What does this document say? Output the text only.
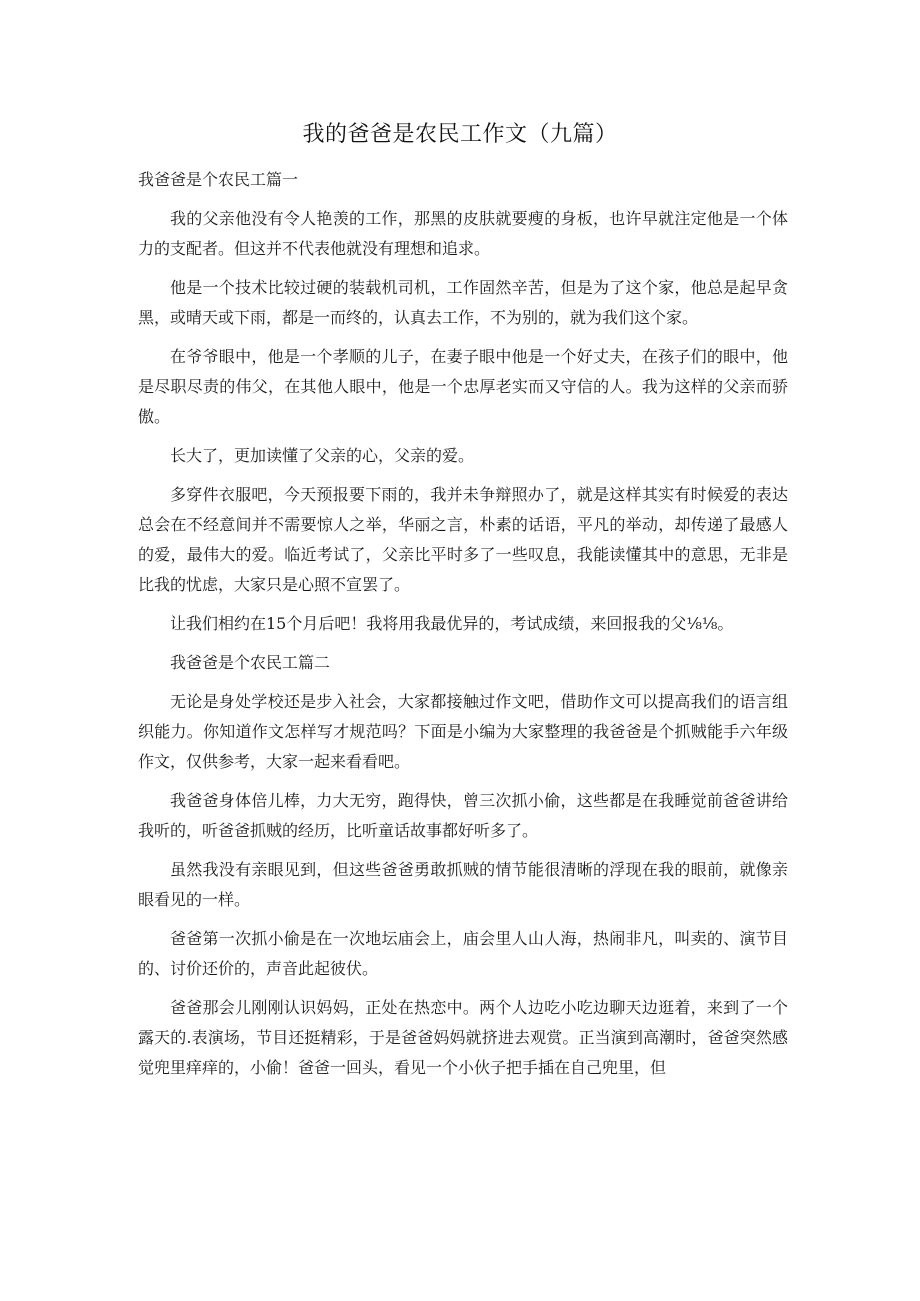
我的爸爸是农民工作文（九篇）

我爸爸是个农民工篇一

我的父亲他没有令人艳羡的工作，那黑的皮肤就要瘦的身板，也许早就注定他是一个体力的支配者。但这并不代表他就没有理想和追求。

他是一个技术比较过硬的装载机司机，工作固然辛苦，但是为了这个家，他总是起早贪黑，或晴天或下雨，都是一而终的，认真去工作，不为别的，就为我们这个家。

在爷爷眼中，他是一个孝顺的儿子，在妻子眼中他是一个好丈夫，在孩子们的眼中，他是尽职尽责的伟父，在其他人眼中，他是一个忠厚老实而又守信的人。我为这样的父亲而骄傲。

长大了，更加读懂了父亲的心，父亲的爱。

多穿件衣服吧，今天预报要下雨的，我并未争辩照办了，就是这样其实有时候爱的表达总会在不经意间并不需要惊人之举，华丽之言，朴素的话语，平凡的举动，却传递了最感人的爱，最伟大的爱。临近考试了，父亲比平时多了一些叹息，我能读懂其中的意思，无非是比我的忧虑，大家只是心照不宣罢了。

让我们相约在15个月后吧！我将用我最优异的，考试成绩，来回报我的父⅛⅛。

我爸爸是个农民工篇二

无论是身处学校还是步入社会，大家都接触过作文吧，借助作文可以提高我们的语言组织能力。你知道作文怎样写才规范吗？下面是小编为大家整理的我爸爸是个抓贼能手六年级作文，仅供参考，大家一起来看看吧。

我爸爸身体倍儿棒，力大无穷，跑得快，曾三次抓小偷，这些都是在我睡觉前爸爸讲给我听的，听爸爸抓贼的经历，比听童话故事都好听多了。

虽然我没有亲眼见到，但这些爸爸勇敢抓贼的情节能很清晰的浮现在我的眼前，就像亲眼看见的一样。

爸爸第一次抓小偷是在一次地坛庙会上，庙会里人山人海，热闹非凡，叫卖的、演节目的、讨价还价的，声音此起彼伏。

爸爸那会儿刚刚认识妈妈，正处在热恋中。两个人边吃小吃边聊天边逛着，来到了一个露天的.表演场，节目还挺精彩，于是爸爸妈妈就挤进去观赏。正当演到高潮时，爸爸突然感觉兜里痒痒的，小偷！爸爸一回头，看见一个小伙子把手插在自己兜里，但
